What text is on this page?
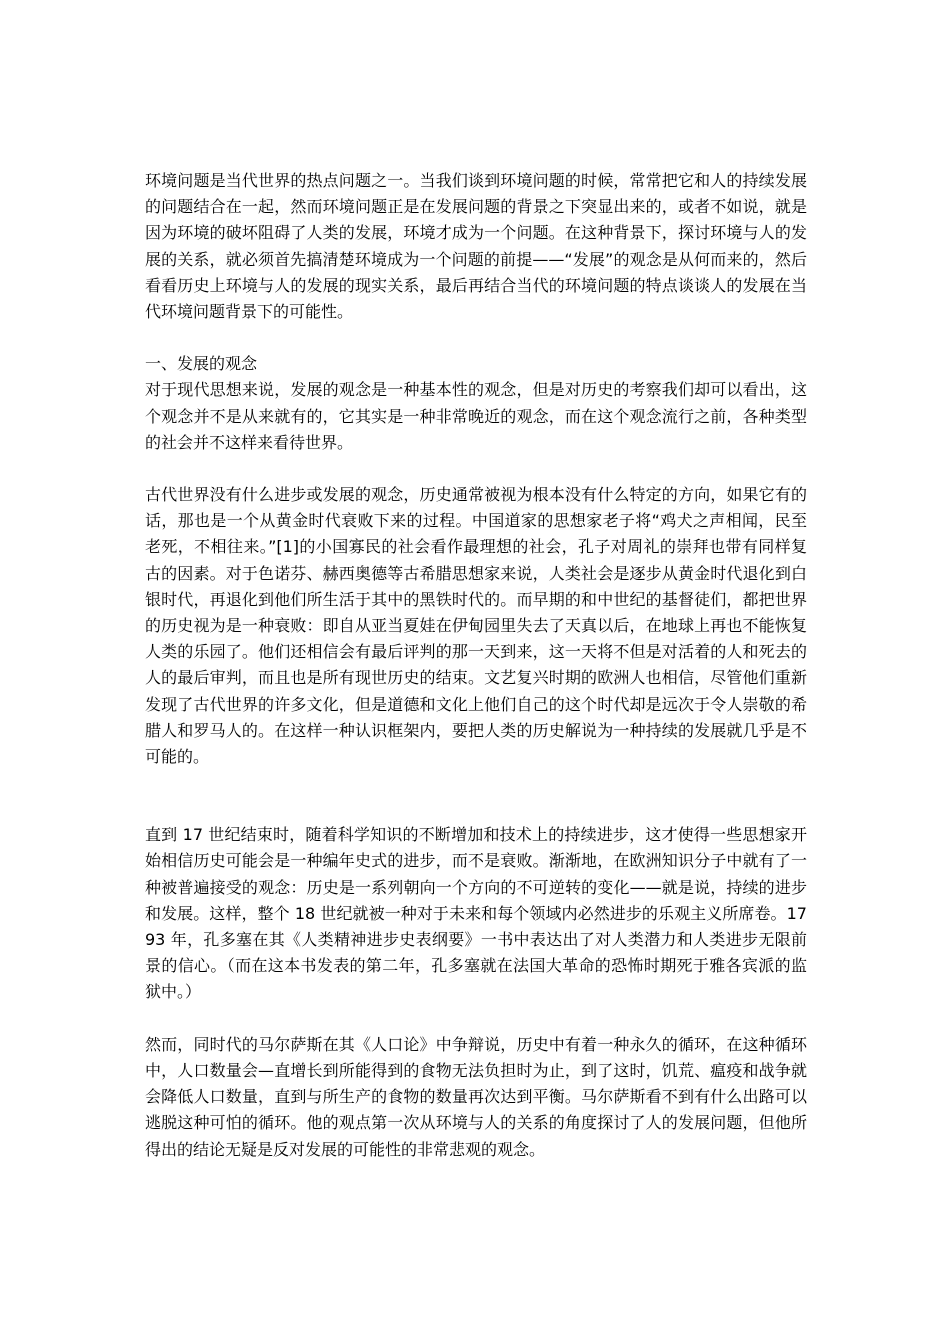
环境问题是当代世界的热点问题之一。当我们谈到环境问题的时候，常常把它和人的持续发展的问题结合在一起，然而环境问题正是在发展问题的背景之下突显出来的，或者不如说，就是因为环境的破坏阻碍了人类的发展，环境才成为一个问题。在这种背景下，探讨环境与人的发展的关系，就必须首先搞清楚环境成为一个问题的前提——“发展”的观念是从何而来的，然后看看历史上环境与人的发展的现实关系，最后再结合当代的环境问题的特点谈谈人的发展在当代环境问题背景下的可能性。

一、发展的观念

对于现代思想来说，发展的观念是一种基本性的观念，但是对历史的考察我们却可以看出，这个观念并不是从来就有的，它其实是一种非常晚近的观念，而在这个观念流行之前，各种类型的社会并不这样来看待世界。

古代世界没有什么进步或发展的观念，历史通常被视为根本没有什么特定的方向，如果它有的话，那也是一个从黄金时代衰败下来的过程。中国道家的思想家老子将“鸡犬之声相闻，民至老死，不相往来。”[1]的小国寡民的社会看作最理想的社会，孔子对周礼的崇拜也带有同样复古的因素。对于色诺芬、赫西奥德等古希腊思想家来说，人类社会是逐步从黄金时代退化到白银时代，再退化到他们所生活于其中的黑铁时代的。而早期的和中世纪的基督徒们，都把世界的历史视为是一种衰败：即自从亚当夏娃在伊甸园里失去了天真以后，在地球上再也不能恢复人类的乐园了。他们还相信会有最后评判的那一天到来，这一天将不但是对活着的人和死去的人的最后审判，而且也是所有现世历史的结束。文艺复兴时期的欧洲人也相信，尽管他们重新发现了古代世界的许多文化，但是道德和文化上他们自己的这个时代却是远次于令人崇敬的希腊人和罗马人的。在这样一种认识框架内，要把人类的历史解说为一种持续的发展就几乎是不可能的。

直到 17 世纪结束时，随着科学知识的不断增加和技术上的持续进步，这才使得一些思想家开始相信历史可能会是一种编年史式的进步，而不是衰败。渐渐地，在欧洲知识分子中就有了一种被普遍接受的观念：历史是一系列朝向一个方向的不可逆转的变化——就是说，持续的进步和发展。这样，整个 18 世纪就被一种对于未来和每个领域内必然进步的乐观主义所席卷。1793 年，孔多塞在其《人类精神进步史表纲要》一书中表达出了对人类潜力和人类进步无限前景的信心。（而在这本书发表的第二年，孔多塞就在法国大革命的恐怖时期死于雅各宾派的监狱中。）

然而，同时代的马尔萨斯在其《人口论》中争辩说，历史中有着一种永久的循环，在这种循环中，人口数量会—直增长到所能得到的食物无法负担时为止，到了这时，饥荒、瘟疫和战争就会降低人口数量，直到与所生产的食物的数量再次达到平衡。马尔萨斯看不到有什么出路可以逃脱这种可怕的循环。他的观点第一次从环境与人的关系的角度探讨了人的发展问题，但他所得出的结论无疑是反对发展的可能性的非常悲观的观念。
